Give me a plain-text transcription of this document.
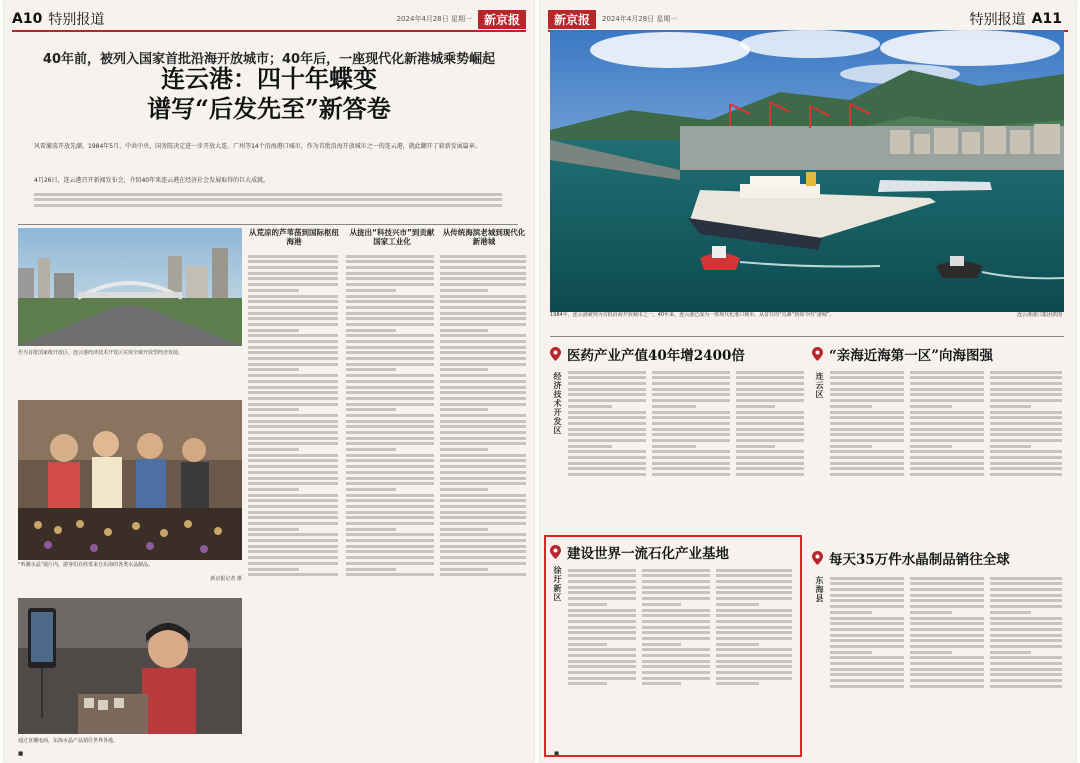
A10 特别报道	2024年4月28日 星期一	新京报
40年前，被列入国家首批沿海开放城市；40年后，一座现代化新港城乘势崛起
连云港：四十年蝶变
谱写“后发先至”新答卷
风雷激荡开放先潮。1984年5月，中共中央、国务院决定进一步开放大连、广州等14个沿海港口城市，作为首批沿海开放城市之一的连云港，就此翻开了崭新发展篇章。
4月26日，连云港召开新闻发布会，介绍40年来连云港在经济社会发展取得的巨大成就。
作为首批国家级开放区，连云港经济技术开发区实现全域开放型经济发展。
“听潮水晶”展厅内，游客们在欣赏来自东海的各类水晶制品。
新京报记者 摄
通过直播电商，东海水晶产品销往世界各地。
从荒凉的芦苇荡到国际枢纽海港
从拢出“科技兴市”到贡献国家工业化
从传统海滨老城到现代化新港城
■
新京报	2024年4月28日 星期一	特别报道 A11
1984年，连云港被列为首批沿海开放城市之一。40年来，连云港已成为一座现代化港口城市，从昔日的“荒滩”到如今的“港城”。	连云港港口集团供图
医药产业产值40年增2400倍
经济技术开发区
“亲海近海第一区”向海图强
连云区
建设世界一流石化产业基地
徐圩新区
每天35万件水晶制品销往全球
东海县
■
